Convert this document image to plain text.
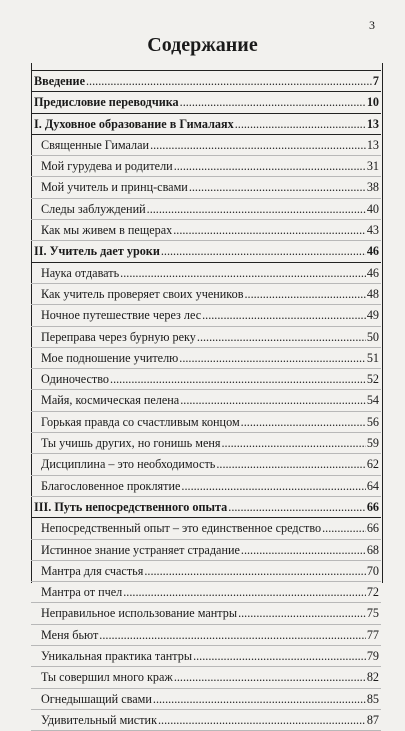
3
Содержание
Введение .....	7
Предисловие переводчика .....	10
I. Духовное образование в Гималаях .....	13
Священные Гималаи .....	13
Мой гурудева и родители .....	31
Мой учитель и принц-свами .....	38
Следы заблуждений .....	40
Как мы живем в пещерах .....	43
II. Учитель дает уроки .....	46
Наука отдавать .....	46
Как учитель проверяет своих учеников .....	48
Ночное путешествие через лес .....	49
Переправа через бурную реку .....	50
Мое подношение учителю .....	51
Одиночество .....	52
Майя, космическая пелена .....	54
Горькая правда со счастливым концом .....	56
Ты учишь других, но гонишь меня .....	59
Дисциплина – это необходимость .....	62
Благословенное проклятие .....	64
III. Путь непосредственного опыта .....	66
Непосредственный опыт – это единственное средство .....	66
Истинное знание устраняет страдание .....	68
Мантра для счастья .....	70
Мантра от пчел .....	72
Неправильное использование мантры .....	75
Меня бьют .....	77
Уникальная практика тантры .....	79
Ты совершил много краж .....	82
Огнедышащий свами .....	85
Удивительный мистик .....	87
